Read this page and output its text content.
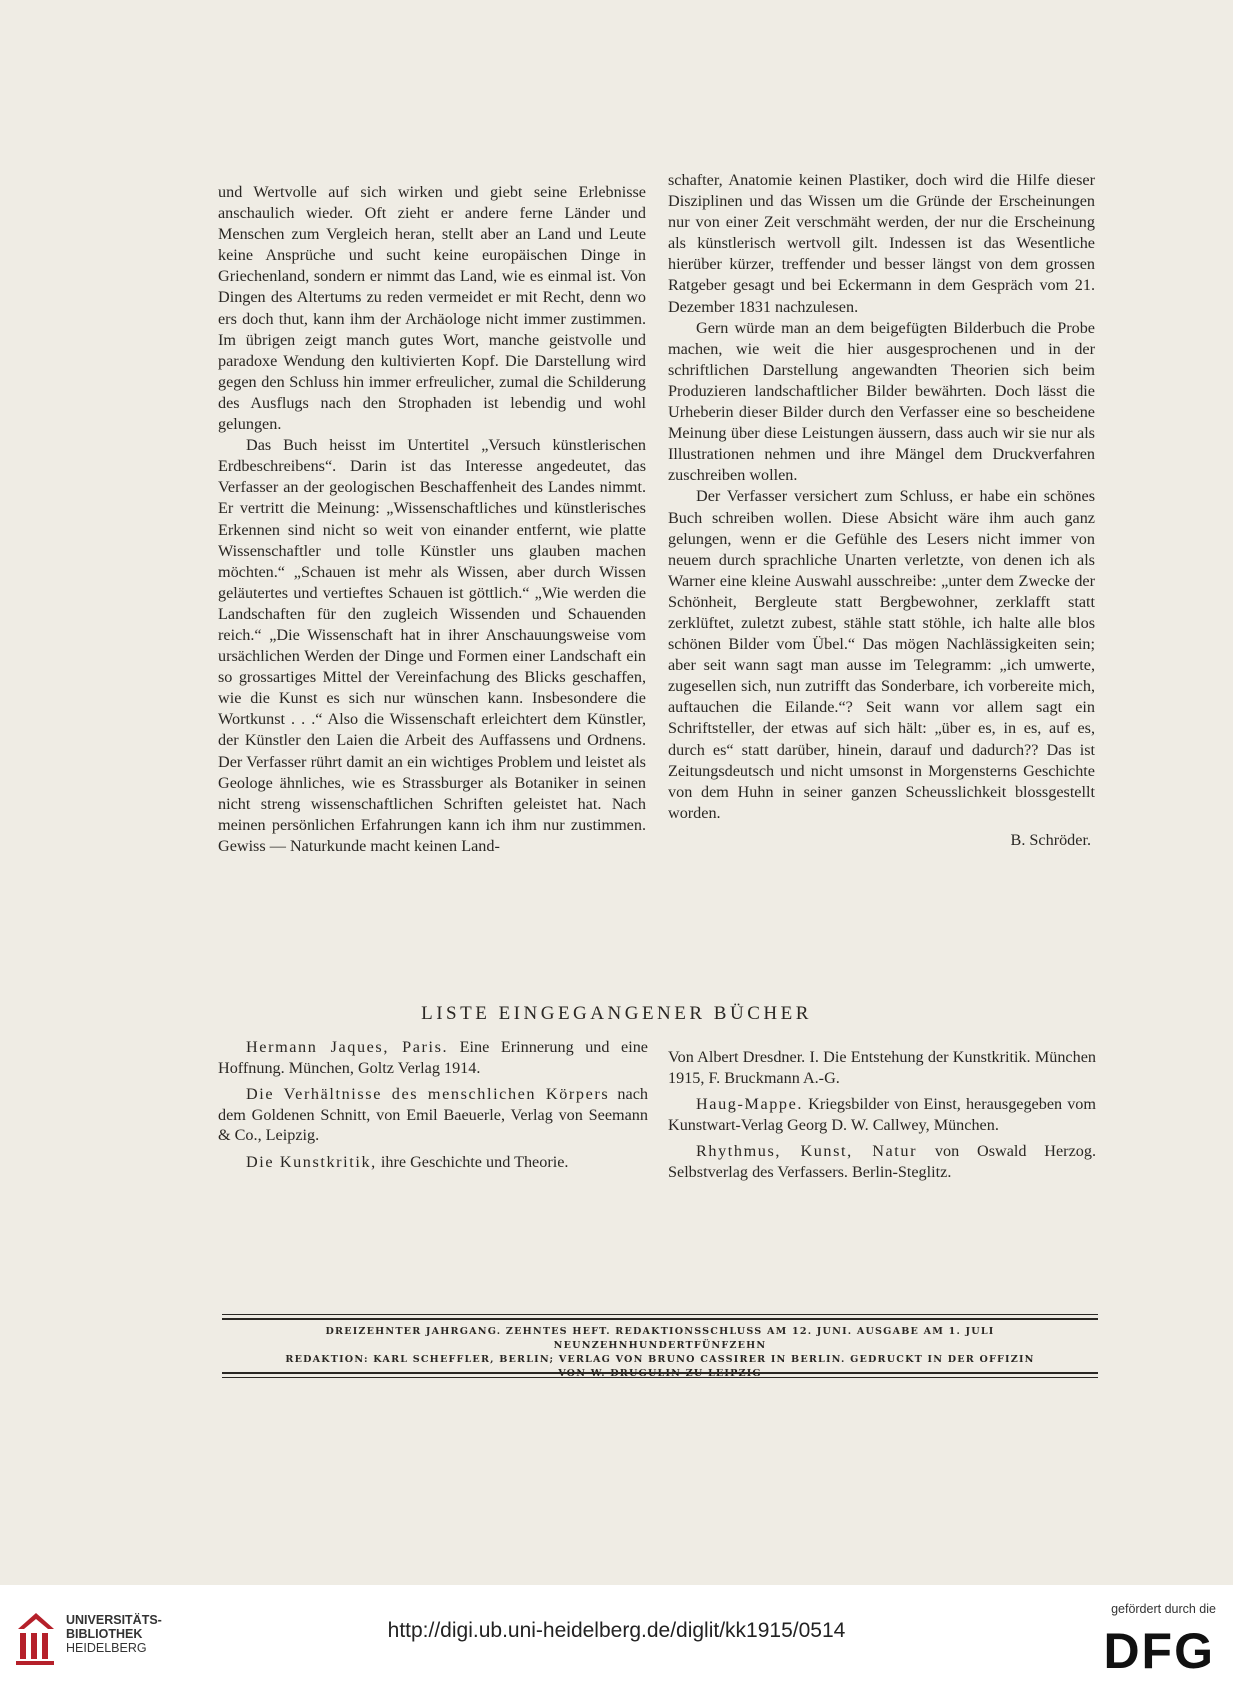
und Wertvolle auf sich wirken und giebt seine Erlebnisse anschaulich wieder. Oft zieht er andere ferne Länder und Menschen zum Vergleich heran, stellt aber an Land und Leute keine Ansprüche und sucht keine europäischen Dinge in Griechenland, sondern er nimmt das Land, wie es einmal ist. Von Dingen des Altertums zu reden vermeidet er mit Recht, denn wo ers doch thut, kann ihm der Archäologe nicht immer zustimmen. Im übrigen zeigt manch gutes Wort, manche geistvolle und paradoxe Wendung den kultivierten Kopf. Die Darstellung wird gegen den Schluss hin immer erfreulicher, zumal die Schilderung des Ausflugs nach den Strophaden ist lebendig und wohl gelungen.

Das Buch heisst im Untertitel „Versuch künstlerischen Erdbeschreibens“. Darin ist das Interesse angedeutet, das Verfasser an der geologischen Beschaffenheit des Landes nimmt. Er vertritt die Meinung: „Wissenschaftliches und künstlerisches Erkennen sind nicht so weit von einander entfernt, wie platte Wissenschaftler und tolle Künstler uns glauben machen möchten.“ „Schauen ist mehr als Wissen, aber durch Wissen geläutertes und vertieftes Schauen ist göttlich.“ „Wie werden die Landschaften für den zugleich Wissenden und Schauenden reich.“ „Die Wissenschaft hat in ihrer Anschauungsweise vom ursächlichen Werden der Dinge und Formen einer Landschaft ein so grossartiges Mittel der Vereinfachung des Blicks geschaffen, wie die Kunst es sich nur wünschen kann. Insbesondere die Wortkunst . . .“ Also die Wissenschaft erleichtert dem Künstler, der Künstler den Laien die Arbeit des Auffassens und Ordnens. Der Verfasser rührt damit an ein wichtiges Problem und leistet als Geologe ähnliches, wie es Strassburger als Botaniker in seinen nicht streng wissenschaftlichen Schriften geleistet hat. Nach meinen persönlichen Erfahrungen kann ich ihm nur zustimmen. Gewiss — Naturkunde macht keinen Land-

schafter, Anatomie keinen Plastiker, doch wird die Hilfe dieser Disziplinen und das Wissen um die Gründe der Erscheinungen nur von einer Zeit verschmäht werden, der nur die Erscheinung als künstlerisch wertvoll gilt. Indessen ist das Wesentliche hierüber kürzer, treffender und besser längst von dem grossen Ratgeber gesagt und bei Eckermann in dem Gespräch vom 21. Dezember 1831 nachzulesen.

Gern würde man an dem beigefügten Bilderbuch die Probe machen, wie weit die hier ausgesprochenen und in der schriftlichen Darstellung angewandten Theorien sich beim Produzieren landschaftlicher Bilder bewährten. Doch lässt die Urheberin dieser Bilder durch den Verfasser eine so bescheidene Meinung über diese Leistungen äussern, dass auch wir sie nur als Illustrationen nehmen und ihre Mängel dem Druckverfahren zuschreiben wollen.

Der Verfasser versichert zum Schluss, er habe ein schönes Buch schreiben wollen. Diese Absicht wäre ihm auch ganz gelungen, wenn er die Gefühle des Lesers nicht immer von neuem durch sprachliche Unarten verletzte, von denen ich als Warner eine kleine Auswahl ausschreibe: „unter dem Zwecke der Schönheit, Bergleute statt Bergbewohner, zerklafft statt zerklüftet, zuletzt zubest, stähle statt stöhle, ich halte alle blos schönen Bilder vom Übel.“ Das mögen Nachlässigkeiten sein; aber seit wann sagt man ausse im Telegramm: „ich umwerte, zugesellen sich, nun zutrifft das Sonderbare, ich vorbereite mich, auftauchen die Eilande.“? Seit wann vor allem sagt ein Schriftsteller, der etwas auf sich hält: „über es, in es, auf es, durch es“ statt darüber, hinein, darauf und dadurch?? Das ist Zeitungsdeutsch und nicht umsonst in Morgensterns Geschichte von dem Huhn in seiner ganzen Scheusslichkeit blossgestellt worden.

B. Schröder.

LISTE EINGEGANGENER BÜCHER

Hermann Jaques, Paris. Eine Erinnerung und eine Hoffnung. München, Goltz Verlag 1914.

Die Verhältnisse des menschlichen Körpers nach dem Goldenen Schnitt, von Emil Baeuerle, Verlag von Seemann & Co., Leipzig.

Die Kunstkritik, ihre Geschichte und Theorie.

Von Albert Dresdner. I. Die Entstehung der Kunstkritik. München 1915, F. Bruckmann A.-G.

Haug-Mappe. Kriegsbilder von Einst, herausgegeben vom Kunstwart-Verlag Georg D. W. Callwey, München.

Rhythmus, Kunst, Natur von Oswald Herzog. Selbstverlag des Verfassers. Berlin-Steglitz.

DREIZEHNTER JAHRGANG. ZEHNTES HEFT. REDAKTIONSSCHLUSS AM 12. JUNI. AUSGABE AM 1. JULI NEUNZEHNHUNDERTFÜNFZEHN
REDAKTION: KARL SCHEFFLER, BERLIN; VERLAG VON BRUNO CASSIRER IN BERLIN. GEDRUCKT IN DER OFFIZIN
UNIVERSITÄTS-
BIBLIOTHEK
HEIDELBERG
http://digi.ub.uni-heidelberg.de/diglit/kk1915/0514
gefördert durch die
DFG
